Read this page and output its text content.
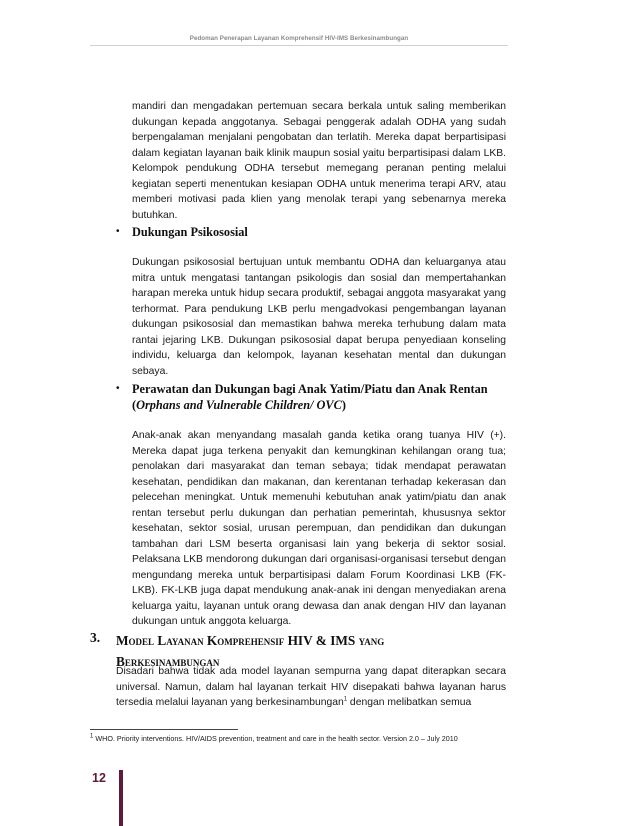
Pedoman Penerapan Layanan Komprehensif HIV-IMS Berkesinambungan
mandiri dan mengadakan pertemuan secara berkala untuk saling memberikan dukungan kepada anggotanya. Sebagai penggerak adalah ODHA yang sudah berpengalaman menjalani pengobatan dan terlatih. Mereka dapat berpartisipasi dalam kegiatan layanan baik klinik maupun sosial yaitu berpartisipasi dalam LKB. Kelompok pendukung ODHA tersebut memegang peranan penting melalui kegiatan seperti menentukan kesiapan ODHA untuk menerima terapi ARV, atau memberi motivasi pada klien yang menolak terapi yang sebenarnya mereka butuhkan.
• Dukungan Psikososial
Dukungan psikososial bertujuan untuk membantu ODHA dan keluarganya atau mitra untuk mengatasi tantangan psikologis dan sosial dan mempertahankan harapan mereka untuk hidup secara produktif, sebagai anggota masyarakat yang terhormat. Para pendukung LKB perlu mengadvokasi pengembangan layanan dukungan psikososial dan memastikan bahwa mereka terhubung dalam mata rantai jejaring LKB. Dukungan psikososial dapat berupa penyediaan konseling individu, keluarga dan kelompok, layanan kesehatan mental dan dukungan sebaya.
• Perawatan dan Dukungan bagi Anak Yatim/Piatu dan Anak Rentan
(Orphans and Vulnerable Children/ OVC)
Anak-anak akan menyandang masalah ganda ketika orang tuanya HIV (+). Mereka dapat juga terkena penyakit dan kemungkinan kehilangan orang tua; penolakan dari masyarakat dan teman sebaya; tidak mendapat perawatan kesehatan, pendidikan dan makanan, dan kerentanan terhadap kekerasan dan pelecehan meningkat. Untuk memenuhi kebutuhan anak yatim/piatu dan anak rentan tersebut perlu dukungan dan perhatian pemerintah, khususnya sektor kesehatan, sektor sosial, urusan perempuan, dan pendidikan dan dukungan tambahan dari LSM beserta organisasi lain yang bekerja di sektor sosial. Pelaksana LKB mendorong dukungan dari organisasi-organisasi tersebut dengan mengundang mereka untuk berpartisipasi dalam Forum Koordinasi LKB (FK-LKB). FK-LKB juga dapat mendukung anak-anak ini dengan menyediakan arena keluarga yaitu, layanan untuk orang dewasa dan anak dengan HIV dan layanan dukungan untuk anggota keluarga.
3. Model Layanan Komprehensif HIV & IMS yang
Berkesinambungan
Disadari bahwa tidak ada model layanan sempurna yang dapat diterapkan secara universal. Namun, dalam hal layanan terkait HIV disepakati bahwa layanan harus tersedia melalui layanan yang berkesinambungan$^1$ dengan melibatkan semua
$^1$ WHO. Priority interventions. HIV/AIDS prevention, treatment and care in the health sector. Version 2.0 – July 2010
12
